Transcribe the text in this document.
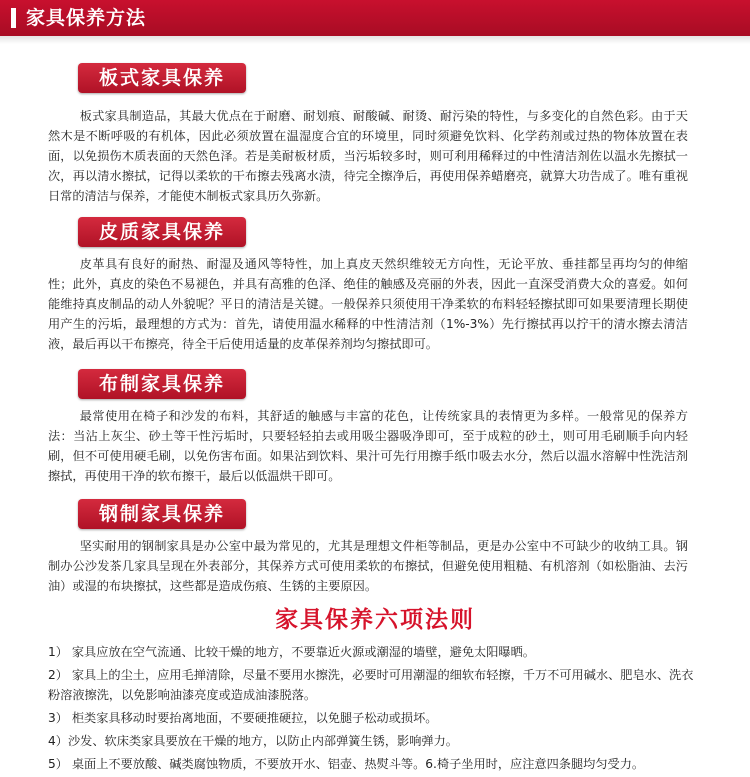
家具保养方法
板式家具保养

板式家具制造品，其最大优点在于耐磨、耐划痕、耐酸碱、耐烫、耐污染的特性，与多变化的自然色彩。由于天然木是不断呼吸的有机体，因此必须放置在温湿度合宜的环境里，同时须避免饮料、化学药剂或过热的物体放置在表面，以免损伤木质表面的天然色泽。若是美耐板材质，当污垢较多时，则可利用稀释过的中性清洁剂佐以温水先擦拭一次，再以清水擦拭，记得以柔软的干布擦去残离水渍，待完全擦净后，再使用保养蜡磨亮，就算大功告成了。唯有重视日常的清洁与保养，才能使木制板式家具历久弥新。

皮质家具保养

皮革具有良好的耐热、耐湿及通风等特性，加上真皮天然织维较无方向性，无论平放、垂挂都呈再均匀的伸缩性；此外，真皮的染色不易褪色，并具有高雅的色泽、绝佳的触感及亮丽的外表，因此一直深受消费大众的喜爱。如何能维持真皮制品的动人外貌呢？平日的清洁是关键。一般保养只须使用干净柔软的布料轻轻擦拭即可如果要清理长期使用产生的污垢，最理想的方式为：首先，请使用温水稀释的中性清洁剂（1%-3%）先行擦拭再以拧干的清水擦去清洁液，最后再以干布擦亮，待全干后使用适量的皮革保养剂均匀擦拭即可。

布制家具保养

最常使用在椅子和沙发的布料，其舒适的触感与丰富的花色，让传统家具的表情更为多样。一般常见的保养方法：当沾上灰尘、砂土等干性污垢时，只要轻轻拍去或用吸尘器吸净即可，至于成粒的砂土，则可用毛刷顺手向内轻刷，但不可使用硬毛刷，以免伤害布面。如果沾到饮料、果汁可先行用擦手纸巾吸去水分，然后以温水溶解中性洗洁剂擦拭，再使用干净的软布擦干，最后以低温烘干即可。

钢制家具保养

坚实耐用的钢制家具是办公室中最为常见的，尤其是理想文件柜等制品，更是办公室中不可缺少的收纳工具。钢制办公沙发茶几家具呈现在外表部分，其保养方式可使用柔软的布擦拭，但避免使用粗糙、有机溶剂（如松脂油、去污油）或湿的布块擦拭，这些都是造成伤痕、生锈的主要原因。

家具保养六项法则
1） 家具应放在空气流通、比较干燥的地方，不要靠近火源或潮湿的墙壁，避免太阳曝晒。
2） 家具上的尘土，应用毛掸清除，尽量不要用水擦洗，必要时可用潮湿的细软布轻擦，千万不可用碱水、肥皂水、洗衣粉溶液擦洗，以免影响油漆亮度或造成油漆脱落。
3） 柜类家具移动时要抬离地面，不要硬推硬拉，以免腿子松动或损坏。
4）沙发、软床类家具要放在干燥的地方，以防止内部弹簧生锈，影响弹力。
5） 桌面上不要放酸、碱类腐蚀物质，不要放开水、铝壶、热熨斗等。6.椅子坐用时，应注意四条腿均匀受力。
